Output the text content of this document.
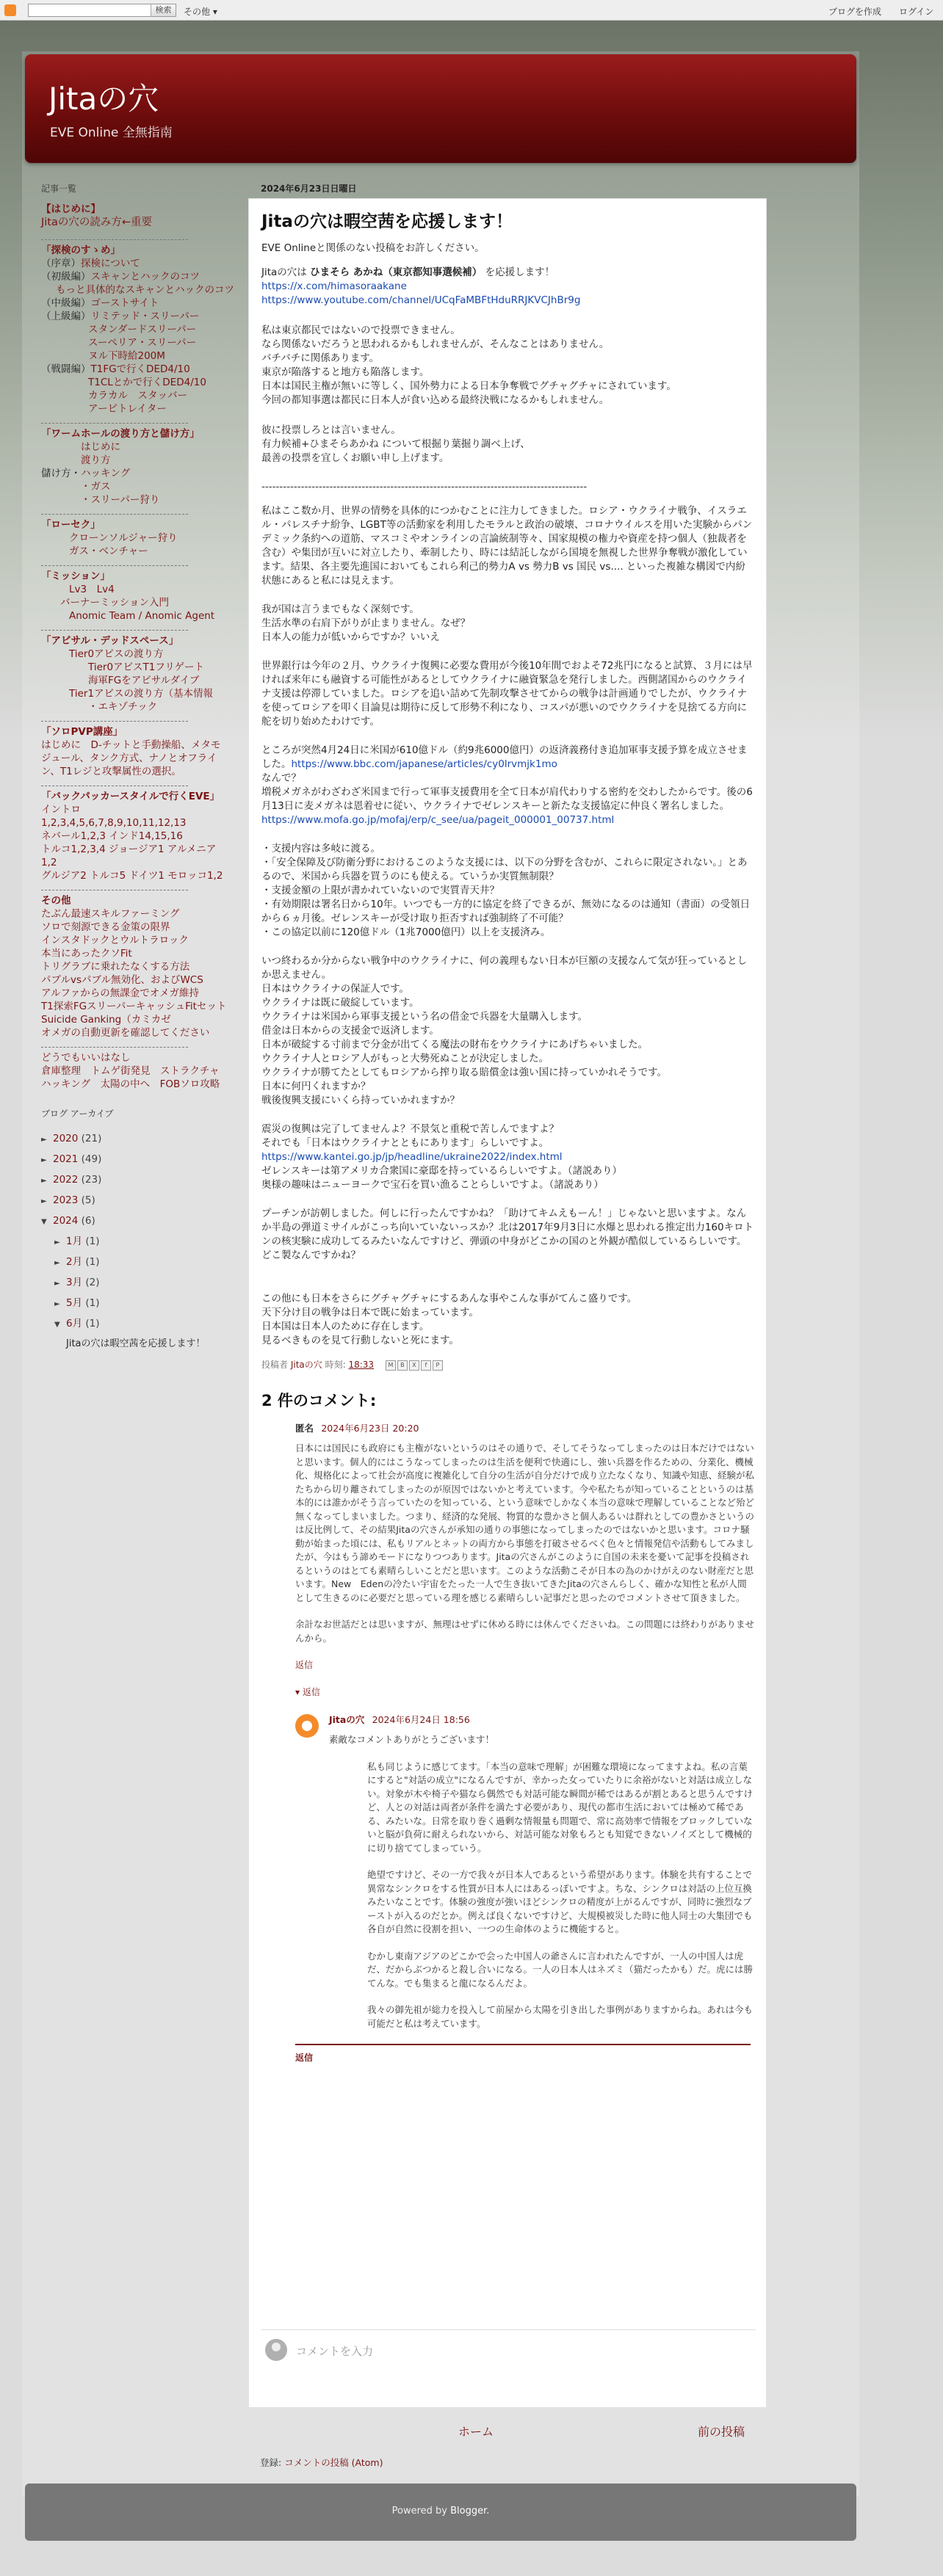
検索	その他 ▾	ブログを作成 ログイン
Jitaの穴
EVE Online 全無指南
記事一覧
【はじめに】
Jitaの穴の読み方←重要
「探検のすゝめ」
（序章）探検について
（初級編）スキャンとハックのコツ
もっと具体的なスキャンとハックのコツ
（中級編）ゴーストサイト
（上級編）リミテッド・スリーパー
スタンダードスリーパー
スーペリア・スリーパー
ヌル下時給200M
（戦闘編）T1FGで行くDED4/10
T1CLとかで行くDED4/10
カラカル　スタッバー
アーピトレイター
「ワームホールの渡り方と儲け方」
はじめに
渡り方
儲け方・ハッキング
・ガス
・スリーパー狩り
「ローセク」
クローンソルジャー狩り
ガス・ベンチャー
「ミッション」
Lv3　Lv4
バーナーミッション入門
Anomic Team / Anomic Agent
「アビサル・デッドスペース」
Tier0アビスの渡り方
Tier0アビスT1フリゲート
海軍FGをアビサルダイブ
Tier1アビスの渡り方（基本情報
・エキゾチック
「ソロPVP講座」
はじめに　D-チットと手動操船、メタモジュール、タンク方式、ナノとオフライン、T1レジと攻撃属性の選択。
「バックパッカースタイルで行くEVE」
イントロ1,2,3,4,5,6,7,8,9,10,11,12,13
ネバール1,2,3 インド14,15,16
トルコ1,2,3,4 ジョージア1 アルメニア1,2
グルジア2 トルコ5 ドイツ1 モロッコ1,2
その他
たぶん最速スキルファーミング
ソロで刻源できる金策の限界
インスタドックとウルトラロック
本当にあったクソFit
トリグラブに乗れたなくする方法
パブルvsパブル無効化、およびWCS
アルファからの無課金でオメガ維持
T1探索FGスリーパーキャッシュFitセット
Suicide Ganking（カミカゼ
オメガの自動更新を確認してください
どうでもいいはなし
倉庫整理　トムゲ街発見　ストラクチャ
ハッキング　太陽の中へ　FOBソロ攻略
ブログ アーカイブ
► 2020 (21)
► 2021 (49)
► 2022 (23)
► 2023 (5)
▼ 2024 (6)
► 1月 (1)
► 2月 (1)
► 3月 (2)
► 5月 (1)
▼ 6月 (1)
Jitaの穴は暇空茜を応援します！
2024年6月23日日曜日
Jitaの穴は暇空茜を応援します！

EVE Onlineと関係のない投稿をお許しください。

Jitaの穴は ひまそら あかね（東京都知事選候補） を応援します！
https://x.com/himasoraakane
https://www.youtube.com/channel/UCqFaMBFtHduRRJKVCJhBr9g

私は東京都民ではないので投票できません。
なら関係ないだろうと思われるかもしれませんが、そんなことはありません。
バチバチに関係あります。
東京が陥落すると地方も陥落します。
日本は国民主権が無いに等しく、国外勢力による日本争奪戦でグチャグチャにされています。
今回の都知事選は都民に日本人が食い込める最終決戦になるかもしれません。

彼に投票しろとは言いません。
有力候補+ひまそらあかね について根掘り葉掘り調べ上げ、
最善の投票を宜しくお願い申し上げます。

-------------------------------------------------------------------------------------------

私はここ数か月、世界の情勢を具体的につかむことに注力してきました。ロシア・ウクライナ戦争、イスラエル・パレスチナ紛争、LGBT等の活動家を利用したモラルと政治の破壊、コロナウイルスを用いた実験からパンデミック条約への道筋、マスコミやオンラインの言論統制等々、国家規模の権力や資産を持つ個人（独裁者を含む）や集団が互いに対立したり、牽制したり、時には結託しながら国境を無視した世界争奪戦が激化しています。結果、各主要先進国においてもこれら利己的勢力A vs 勢力B vs 国民 vs.... といった複雑な構図で内紛状態にあると私には見えます。

我が国は言うまでもなく深刻です。
生活水準の右肩下がりが止まりません。なぜ？
日本人の能力が低いからですか？いいえ

世界銀行は今年の２月、ウクライナ復興に必要な費用が今後10年間でおよそ72兆円になると試算、３月には早ければ来年にも融資する可能性があるとしてウクライナに融資緊急を発行しました。西側諸国からのウクライナ支援は停滞していました。ロシアを追い詰めて先制攻撃させてからの戦争は計画通りでしたが、ウクライナを使ってロシアを叩く目論見は期待に反して形勢不利になり、コスパが悪いのでウクライナを見捨てる方向に舵を切り始めたわけです。

ところが突然4月24日に米国が610億ドル（約9兆6000億円）の返済義務付き追加軍事支援予算を成立させました。https://www.bbc.com/japanese/articles/cy0lrvmjk1mo
なんで？
増税メガネがわざわざ米国まで行って軍事支援費用を全て日本が肩代わりする密約を交わしたからです。後の6月13日に麦メガネは恩着せに従い、ウクライナでゼレンスキーと新たな支援協定に仲良く署名しました。
https://www.mofa.go.jp/mofaj/erp/c_see/ua/pageit_000001_00737.html

・支援内容は多岐に渡る。
・「安全保障及び防衛分野におけるこのような支援には、以下の分野を含むが、これらに限定されない。」とあるので、米国から兵器を買うのにも使える。ていうか実質無制限？
・支援金額の上限が書かれていないので実質青天井？
・有効期限は署名日から10年。いつでも一方的に協定を終了できるが、無効になるのは通知（書面）の受領日から６ヵ月後。ゼレンスキーが受け取り拒否すれば強制終了不可能？
・この協定以前に120億ドル（1兆7000億円）以上を支援済み。

いつ終わるか分からない戦争中のウクライナに、何の義理もない日本が巨額の支援なんて気が狂っているとしか思えません。
日本はウクライナの保証人です。
ウクライナは既に破綻しています。
ウクライナは米国から軍事支援という名の借金で兵器を大量購入します。
借金は日本からの支援金で返済します。
日本が破綻する寸前まで分金が出てくる魔法の財布をウクライナにあげちゃいました。
ウクライナ人とロシア人がもっと大勢死ぬことが決定しました。
ウクライナが勝てたとしてもロシアから搾り取る賠償金は強い国に持っていかれそうです。
日本に何円くれますか？
戦後復興支援にいくら持っていかれますか？

震災の復興は完了してませんよ？不景気と重税で苦しんでますよ？
それでも「日本はウクライナとともにあります」らしいですよ。
https://www.kantei.go.jp/jp/headline/ukraine2022/index.html
ゼレンスキーは第アメリカ合衆国に豪邸を持っているらしいですよ。（諸説あり）
奥様の趣味はニューヨークで宝石を買い漁ることらしいですよ。（諸説あり）

プーチンが訪朝しました。何しに行ったんですかね？「助けてキムえもーん！」じゃないと思いますよ。なんか半島の弾道ミサイルがこっち向いていないっスか？北は2017年9月3日に水爆と思われる推定出力160キロトンの核実験に成功してるみたいなんですけど、弾頭の中身がどこかの国のと外観が酷似しているらしいです。どこ製なんですかね？

この他にも日本をさらにグチャグチャにするあんな事やこんな事がてんこ盛りです。
天下分け目の戦争は日本で既に始まっています。
日本国は日本人のために存在します。
見るべきものを見て行動しないと死にます。

投稿者 Jitaの穴 時刻: 18:33 M B X f P
2 件のコメント:
匿名 2024年6月23日 20:20

日本には国民にも政府にも主権がないというのはその通りで、そしてそうなってしまったのは日本だけではないと思います。個人的にはこうなってしまったのは生活を便利で快適にし、強い兵器を作るための、分業化、機械化、規格化によって社会が高度に複雑化して自分の生活が自分だけで成り立たなくなり、知識や知恵、経験が私たちから切り離されてしまったのが原因ではないかと考えています。今や私たちが知っていることというのは基本的には誰かがそう言っていたのを知っている、という意味でしかなく本当の意味で理解していることなど殆ど無くなってしまいました。つまり、経済的な発展、物質的な豊かさと個人あるいは群れとしての豊かさというのは反比例して、その結果Jitaの穴さんが承知の通りの事態になってしまったのではないかと思います。コロナ騒動が始まった頃には、私もリアルとネットの両方から事態を打破させるべく色々と情報発信や活動もしてみましたが、今はもう諦めモードになりつつあります。Jitaの穴さんがこのように自国の未来を憂いて記事を投稿されるというのはとても素晴らしいことだと思います。このような活動こそが日本の為のかけがえのない財産だと思います。New　Edenの冷たい宇宙をたった一人で生き抜いてきたJitaの穴さんらしく、確かな知性と私が人間として生きるのに必要だと思っている理を感じる素晴らしい記事だと思ったのでコメントさせて頂きました。

余計なお世話だとは思いますが、無理はせずに休める時には休んでくださいね。この問題には終わりがありませんから。

返信
▾ 返信
Jitaの穴 2024年6月24日 18:56
素敵なコメントありがとうございます！

私も同じように感じてます。「本当の意味で理解」が困難な環境になってますよね。私の言葉にすると"対話の成立"になるんですが、幸かった女っていたりに余裕がないと対話は成立しない。対象が木や椅子や猫なら偶然でも対話可能な瞬間が稀ではあるが割とあると思うんですけど、人との対話は両者が条件を満たす必要があり、現代の都市生活においては極めて稀である、みたいな。日常を取り巻く過剰な情報量も問題で、常に高効率で情報をブロックしていないと脳が負荷に耐えられないから、対話可能な対象もろとも知覚できないノイズとして機械的に切り捨ててしまっていう。

絶望ですけど、その一方で我々が日本人であるという希望があります。体験を共有することで異常なシンクロをする性質が日本人にはあるっぽいですよ。ちな、シンクロは対話の上位互換みたいなことです。体験の強度が強いほどシンクロの精度が上がるんですが、同時に強烈なブーストが入るのだとか。例えば良くないですけど、大規模被災した時に他人同士の大集団でも各自が自然に役割を担い、一つの生命体のように機能すると。

むかし東南アジアのどこかで会った中国人の爺さんに言われたんですが、一人の中国人は虎だ、だからぶつかると殺し合いになる。一人の日本人はネズミ（猫だったかも）だ。虎には勝てんな。でも集まると龍になるんだよ。

我々の御先祖が総力を投入して前屋から太陽を引き出した事例がありますからね。あれは今も可能だと私は考えています。

返信
コメントを入力
ホーム	前の投稿
登録: コメントの投稿 (Atom)
Powered by Blogger.
